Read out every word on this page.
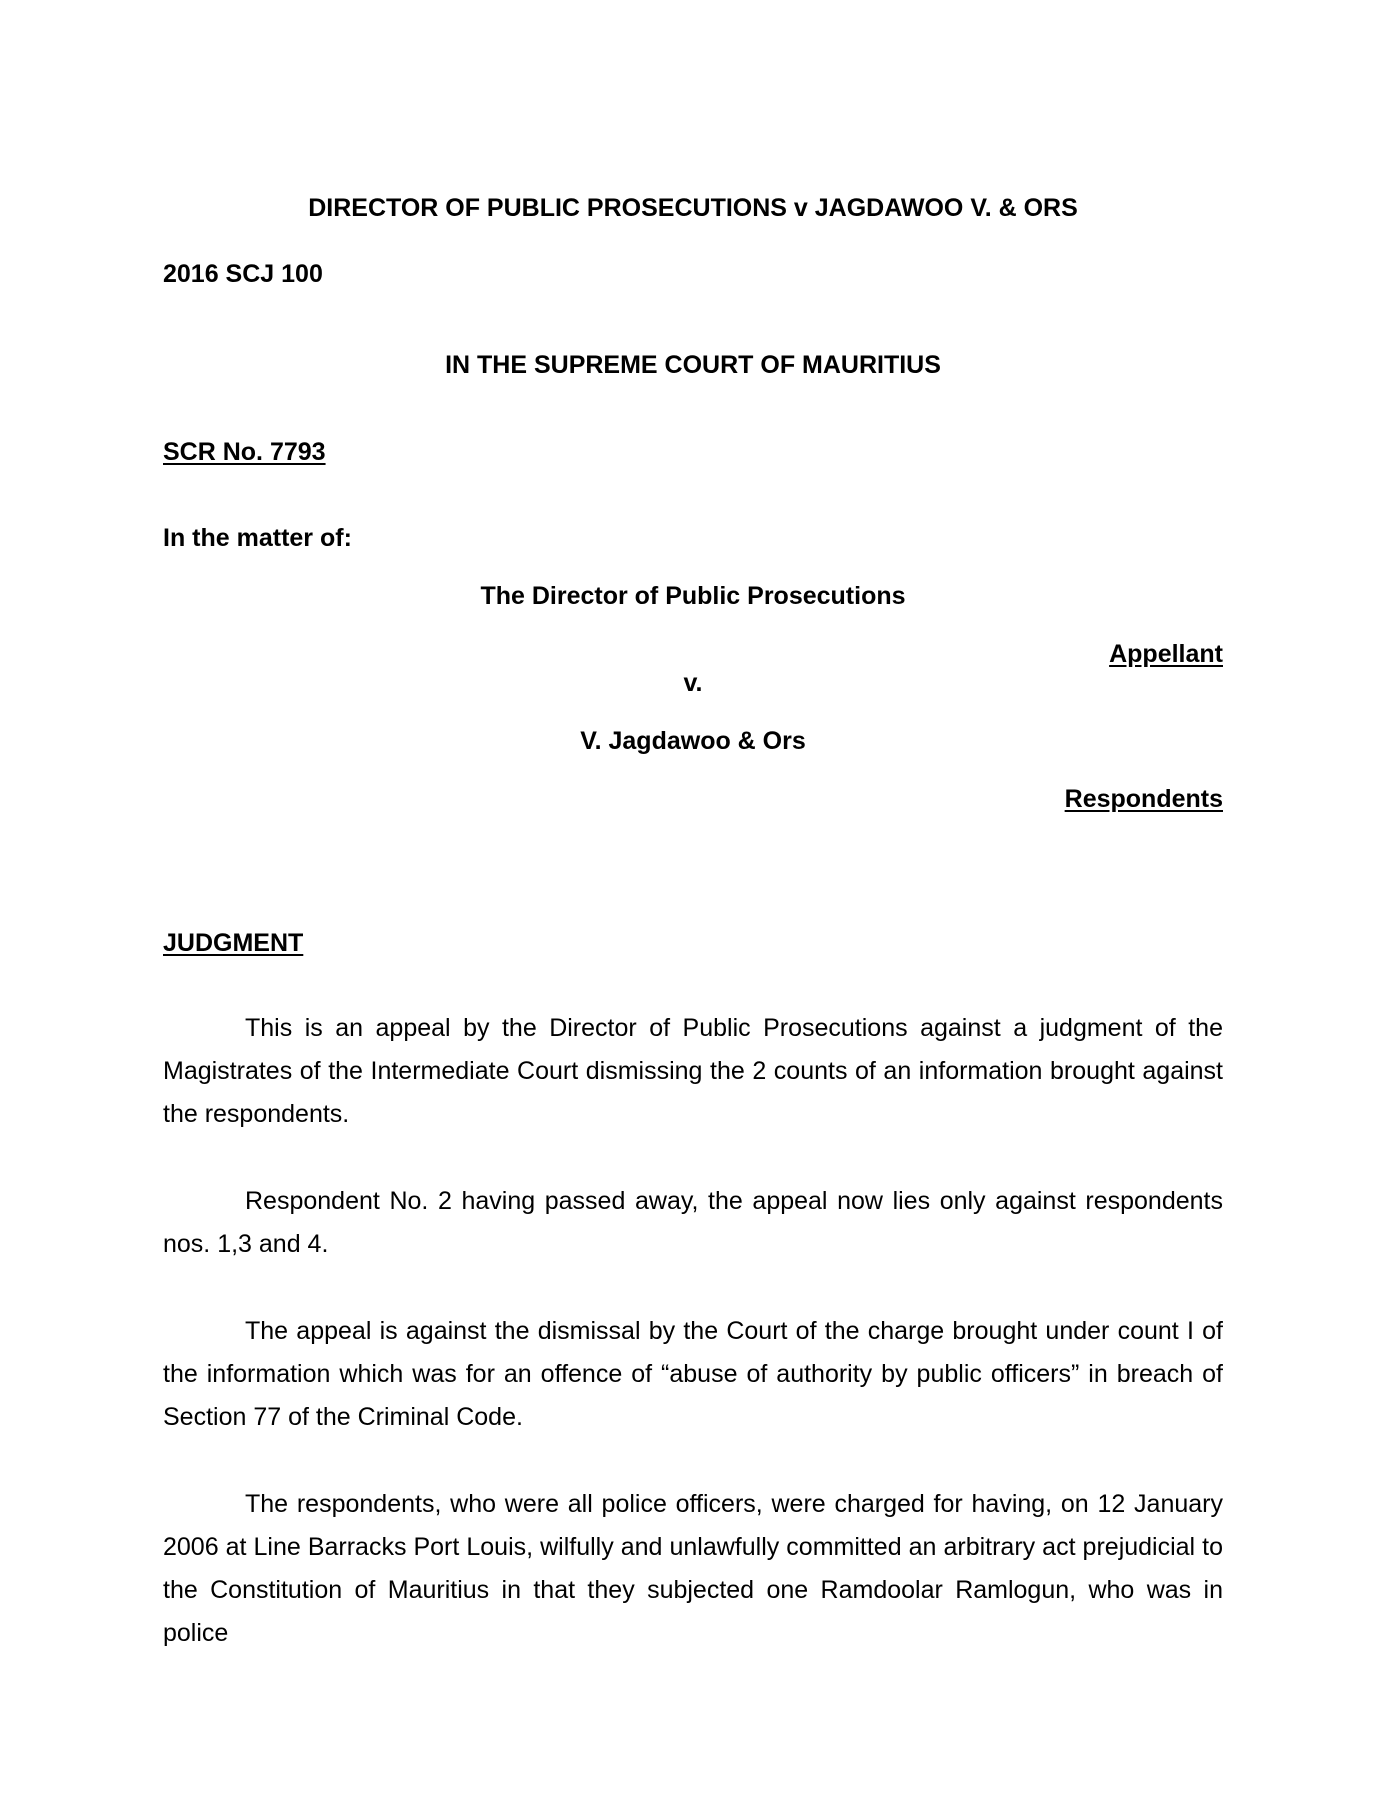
DIRECTOR OF PUBLIC PROSECUTIONS v JAGDAWOO V. & ORS

2016 SCJ 100

IN THE SUPREME COURT OF MAURITIUS

SCR No. 7793

In the matter of:

The Director of Public Prosecutions

Appellant

v.

V. Jagdawoo & Ors

Respondents

JUDGMENT

This is an appeal by the Director of Public Prosecutions against a judgment of the Magistrates of the Intermediate Court dismissing the 2 counts of an information brought against the respondents.

Respondent No. 2 having passed away, the appeal now lies only against respondents nos. 1,3 and 4.

The appeal is against the dismissal by the Court of the charge brought under count I of the information which was for an offence of “abuse of authority by public officers” in breach of Section 77 of the Criminal Code.

The respondents, who were all police officers, were charged for having, on 12 January 2006 at Line Barracks Port Louis, wilfully and unlawfully committed an arbitrary act prejudicial to the Constitution of Mauritius in that they subjected one Ramdoolar Ramlogun, who was in police
